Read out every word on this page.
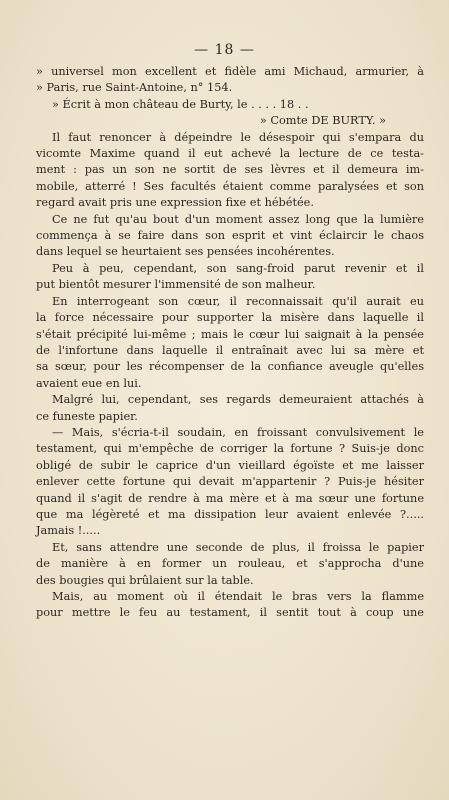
— 18 —
» universel mon excellent et fidèle ami Michaud, armurier, à
» Paris, rue Saint-Antoine, n° 154.
» Écrit à mon château de Burty, le . . . . 18 . .
» Comte DE BURTY. »
Il faut renoncer à dépeindre le désespoir qui s'empara du
vicomte Maxime quand il eut achevé la lecture de ce testa-
ment : pas un son ne sortit de ses lèvres et il demeura im-
mobile, atterré ! Ses facultés étaient comme paralysées et son
regard avait pris une expression fixe et hébétée.
Ce ne fut qu'au bout d'un moment assez long que la lumière
commença à se faire dans son esprit et vint éclaircir le chaos
dans lequel se heurtaient ses pensées incohérentes.
Peu à peu, cependant, son sang-froid parut revenir et il
put bientôt mesurer l'immensité de son malheur.
En interrogeant son cœur, il reconnaissait qu'il aurait eu
la force nécessaire pour supporter la misère dans laquelle il
s'était précipité lui-même ; mais le cœur lui saignait à la pensée
de l'infortune dans laquelle il entraînait avec lui sa mère et
sa sœur, pour les récompenser de la confiance aveugle qu'elles
avaient eue en lui.
Malgré lui, cependant, ses regards demeuraient attachés à
ce funeste papier.
— Mais, s'écria-t-il soudain, en froissant convulsivement le
testament, qui m'empêche de corriger la fortune ? Suis-je donc
obligé de subir le caprice d'un vieillard égoïste et me laisser
enlever cette fortune qui devait m'appartenir ? Puis-je hésiter
quand il s'agit de rendre à ma mère et à ma sœur une fortune
que ma légèreté et ma dissipation leur avaient enlevée ?.....
Jamais !.....
Et, sans attendre une seconde de plus, il froissa le papier
de manière à en former un rouleau, et s'approcha d'une
des bougies qui brûlaient sur la table.
Mais, au moment où il étendait le bras vers la flamme
pour mettre le feu au testament, il sentit tout à coup une
